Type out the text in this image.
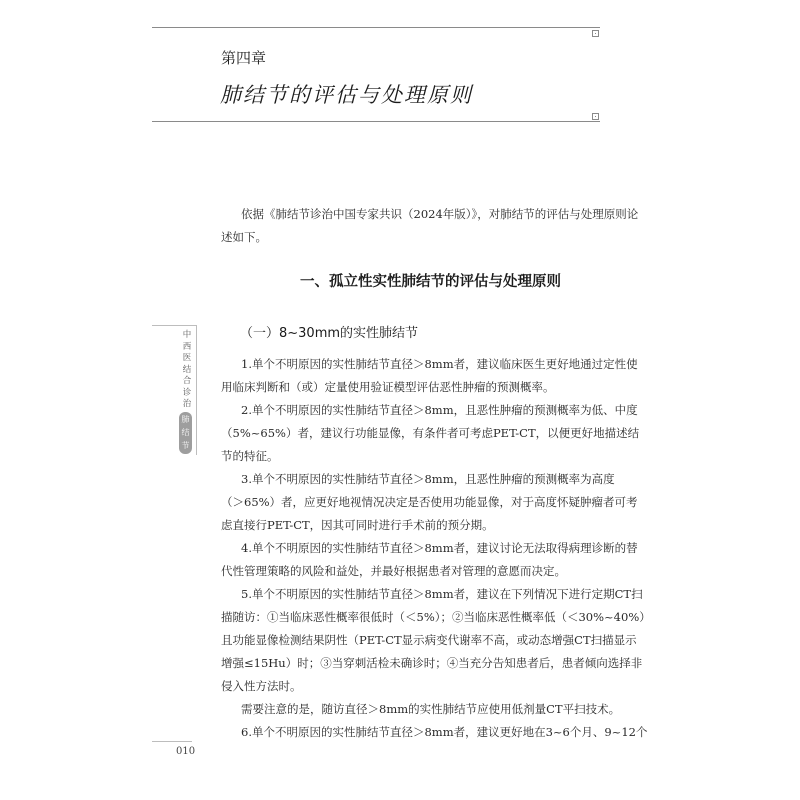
第四章
肺结节的评估与处理原则
依据《肺结节诊治中国专家共识（2024年版）》，对肺结节的评估与处理原则论
述如下。
一、孤立性实性肺结节的评估与处理原则
（一）8~30mm的实性肺结节
1.单个不明原因的实性肺结节直径＞8mm者，建议临床医生更好地通过定性使
用临床判断和（或）定量使用验证模型评估恶性肿瘤的预测概率。
2.单个不明原因的实性肺结节直径＞8mm，且恶性肿瘤的预测概率为低、中度
（5%~65%）者，建议行功能显像，有条件者可考虑PET-CT，以便更好地描述结
节的特征。
3.单个不明原因的实性肺结节直径＞8mm，且恶性肿瘤的预测概率为高度
（＞65%）者，应更好地视情况决定是否使用功能显像，对于高度怀疑肿瘤者可考
虑直接行PET-CT，因其可同时进行手术前的预分期。
4.单个不明原因的实性肺结节直径＞8mm者，建议讨论无法取得病理诊断的替
代性管理策略的风险和益处，并最好根据患者对管理的意愿而决定。
5.单个不明原因的实性肺结节直径＞8mm者，建议在下列情况下进行定期CT扫
描随访：①当临床恶性概率很低时（＜5%）；②当临床恶性概率低（＜30%~40%）
且功能显像检测结果阴性（PET-CT显示病变代谢率不高，或动态增强CT扫描显示
增强≤15Hu）时；③当穿刺活检未确诊时；④当充分告知患者后，患者倾向选择非
侵入性方法时。
需要注意的是，随访直径＞8mm的实性肺结节应使用低剂量CT平扫技术。
6.单个不明原因的实性肺结节直径＞8mm者，建议更好地在3~6个月、9~12个
中西医结合诊治
肺结节
010
